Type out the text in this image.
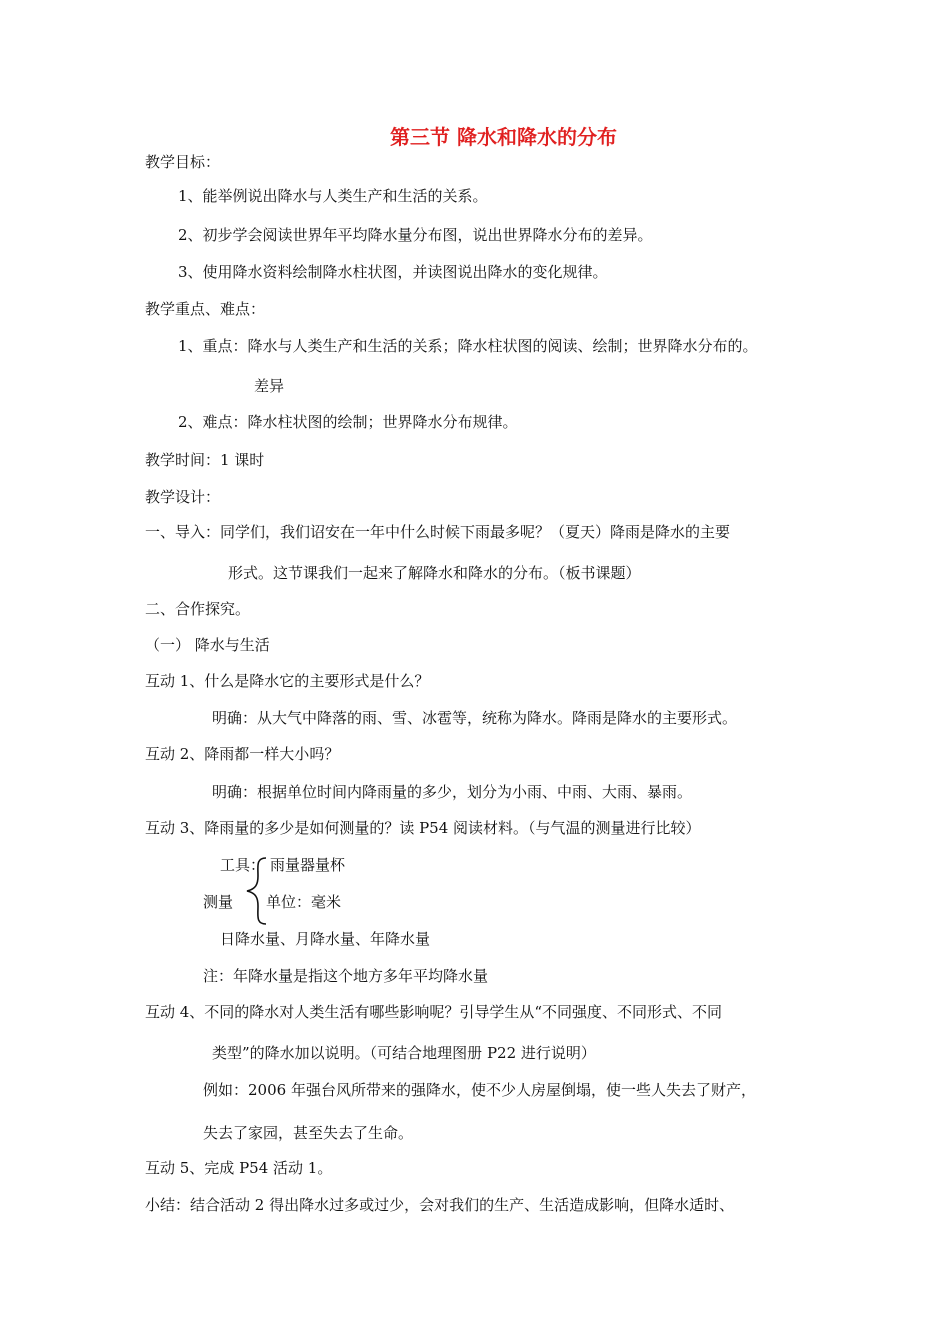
第三节 降水和降水的分布
教学目标：
1、能举例说出降水与人类生产和生活的关系。
2、初步学会阅读世界年平均降水量分布图，说出世界降水分布的差异。
3、使用降水资料绘制降水柱状图，并读图说出降水的变化规律。
教学重点、难点：
1、重点：降水与人类生产和生活的关系；降水柱状图的阅读、绘制；世界降水分布的。
差异
2、难点：降水柱状图的绘制；世界降水分布规律。
教学时间：1 课时
教学设计：
一、导入：同学们，我们诏安在一年中什么时候下雨最多呢？（夏天）降雨是降水的主要
形式。这节课我们一起来了解降水和降水的分布。（板书课题）
二、合作探究。
（一） 降水与生活
互动 1、什么是降水它的主要形式是什么？
明确：从大气中降落的雨、雪、冰雹等，统称为降水。降雨是降水的主要形式。
互动 2、降雨都一样大小吗？
明确：根据单位时间内降雨量的多少，划分为小雨、中雨、大雨、暴雨。
互动 3、降雨量的多少是如何测量的？读 P54 阅读材料。（与气温的测量进行比较）
工具： 雨量器量杯
测量 单位：毫米
日降水量、月降水量、年降水量
注：年降水量是指这个地方多年平均降水量
互动 4、不同的降水对人类生活有哪些影响呢？引导学生从“不同强度、不同形式、不同
类型”的降水加以说明。（可结合地理图册 P22 进行说明）
例如：2006 年强台风所带来的强降水，使不少人房屋倒塌，使一些人失去了财产，
失去了家园，甚至失去了生命。
互动 5、完成 P54 活动 1。
小结：结合活动 2 得出降水过多或过少，会对我们的生产、生活造成影响，但降水适时、
